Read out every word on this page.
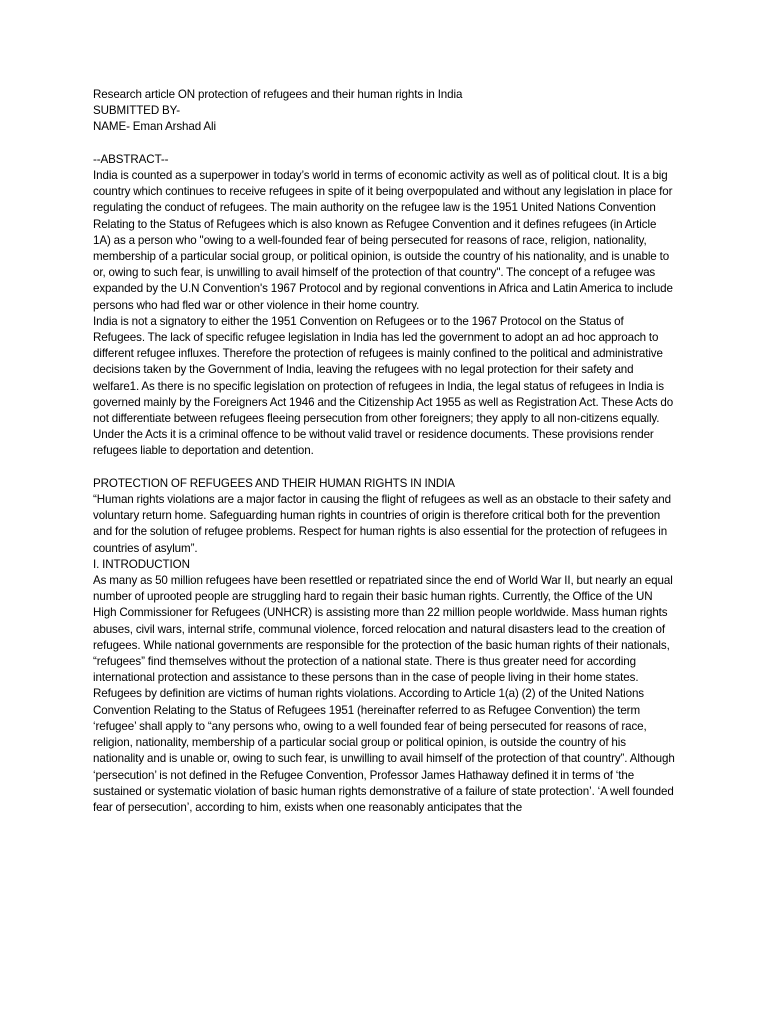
Research article ON protection of refugees and their human rights in India
SUBMITTED BY-
NAME- Eman Arshad Ali
--ABSTRACT--

India is counted as a superpower in today’s world in terms of economic activity as well as of political clout. It is a big country which continues to receive refugees in spite of it being overpopulated and without any legislation in place for regulating the conduct of refugees. The main authority on the refugee law is the 1951 United Nations Convention Relating to the Status of Refugees which is also known as Refugee Convention and it defines refugees (in Article 1A) as a person who "owing to a well-founded fear of being persecuted for reasons of race, religion, nationality, membership of a particular social group, or political opinion, is outside the country of his nationality, and is unable to or, owing to such fear, is unwilling to avail himself of the protection of that country". The concept of a refugee was expanded by the U.N Convention's 1967 Protocol and by regional conventions in Africa and Latin America to include persons who had fled war or other violence in their home country.

India is not a signatory to either the 1951 Convention on Refugees or to the 1967 Protocol on the Status of Refugees. The lack of specific refugee legislation in India has led the government to adopt an ad hoc approach to different refugee influxes. Therefore the protection of refugees is mainly confined to the political and administrative decisions taken by the Government of India, leaving the refugees with no legal protection for their safety and welfare1. As there is no specific legislation on protection of refugees in India, the legal status of refugees in India is governed mainly by the Foreigners Act 1946 and the Citizenship Act 1955 as well as Registration Act. These Acts do not differentiate between refugees fleeing persecution from other foreigners; they apply to all non-citizens equally. Under the Acts it is a criminal offence to be without valid travel or residence documents. These provisions render refugees liable to deportation and detention.

PROTECTION OF REFUGEES AND THEIR HUMAN RIGHTS IN INDIA

“Human rights violations are a major factor in causing the flight of refugees as well as an obstacle to their safety and voluntary return home. Safeguarding human rights in countries of origin is therefore critical both for the prevention and for the solution of refugee problems. Respect for human rights is also essential for the protection of refugees in countries of asylum”.

I. INTRODUCTION

As many as 50 million refugees have been resettled or repatriated since the end of World War II, but nearly an equal number of uprooted people are struggling hard to regain their basic human rights. Currently, the Office of the UN High Commissioner for Refugees (UNHCR) is assisting more than 22 million people worldwide. Mass human rights abuses, civil wars, internal strife, communal violence, forced relocation and natural disasters lead to the creation of refugees. While national governments are responsible for the protection of the basic human rights of their nationals, “refugees” find themselves without the protection of a national state. There is thus greater need for according international protection and assistance to these persons than in the case of people living in their home states.

Refugees by definition are victims of human rights violations. According to Article 1(a) (2) of the United Nations Convention Relating to the Status of Refugees 1951 (hereinafter referred to as Refugee Convention) the term ‘refugee’ shall apply to “any persons who, owing to a well founded fear of being persecuted for reasons of race, religion, nationality, membership of a particular social group or political opinion, is outside the country of his nationality and is unable or, owing to such fear, is unwilling to avail himself of the protection of that country”. Although ‘persecution’ is not defined in the Refugee Convention, Professor James Hathaway defined it in terms of ‘the sustained or systematic violation of basic human rights demonstrative of a failure of state protection’. ‘A well founded fear of persecution’, according to him, exists when one reasonably anticipates that the
